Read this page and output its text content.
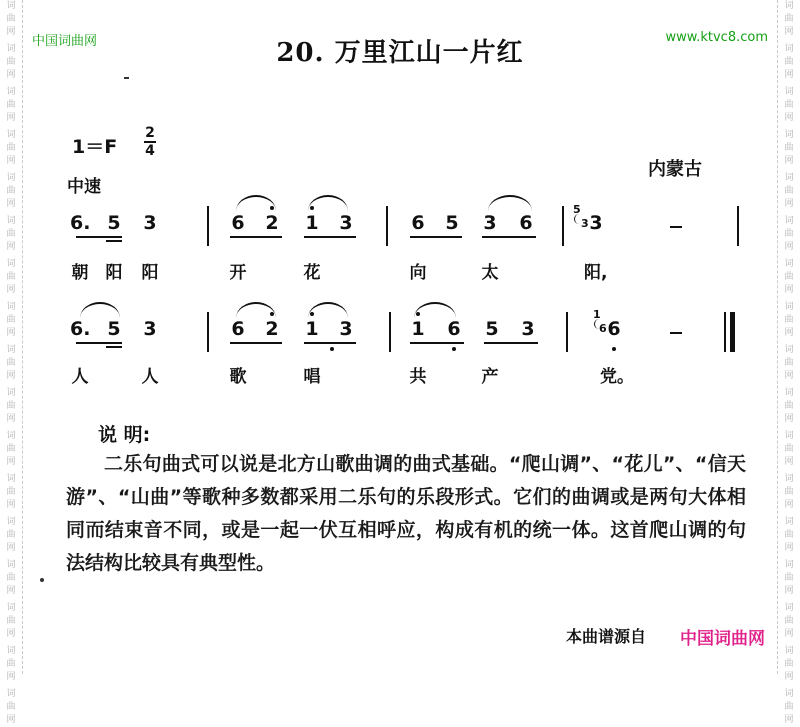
词
曲
网
词
曲
网
词
曲
网
词
曲
网
词
曲
网
词
曲
网
词
曲
网
词
曲
网
词
曲
网
词
曲
网
词
曲
网
词
曲
网
词
曲
网
词
曲
网
词
曲
网
词
曲
网
词
曲
网
词
曲
网
词
曲
网
词
曲
网
词
曲
网
词
曲
网
词
曲
网
词
曲
网
词
曲
网
词
曲
网
词
曲
网
词
曲
网
词
曲
网
词
曲
网
词
曲
网
词
曲
网
词
曲
网
词
曲
网
中国词曲网	www.ktvc8.com
20. 万里江山一片红
1＝F
2
4
中速
内蒙古
6. 5 3	6 2 1 3	6 5 3 6
5
3 3
朝 阳 阳	开	花	向	太	阳,
6. 5 3	6 2 1 3	1 6 5 3
1
6 6
人	人	歌	唱	共	产	党。
说 明:

二乐句曲式可以说是北方山歌曲调的曲式基础。“爬山调”、“花儿”、“信天游”、“山曲”等歌种多数都采用二乐句的乐段形式。它们的曲调或是两句大体相同而结束音不同，或是一起一伏互相呼应，构成有机的统一体。这首爬山调的句法结构比较具有典型性。

本曲谱源自 中国词曲网
